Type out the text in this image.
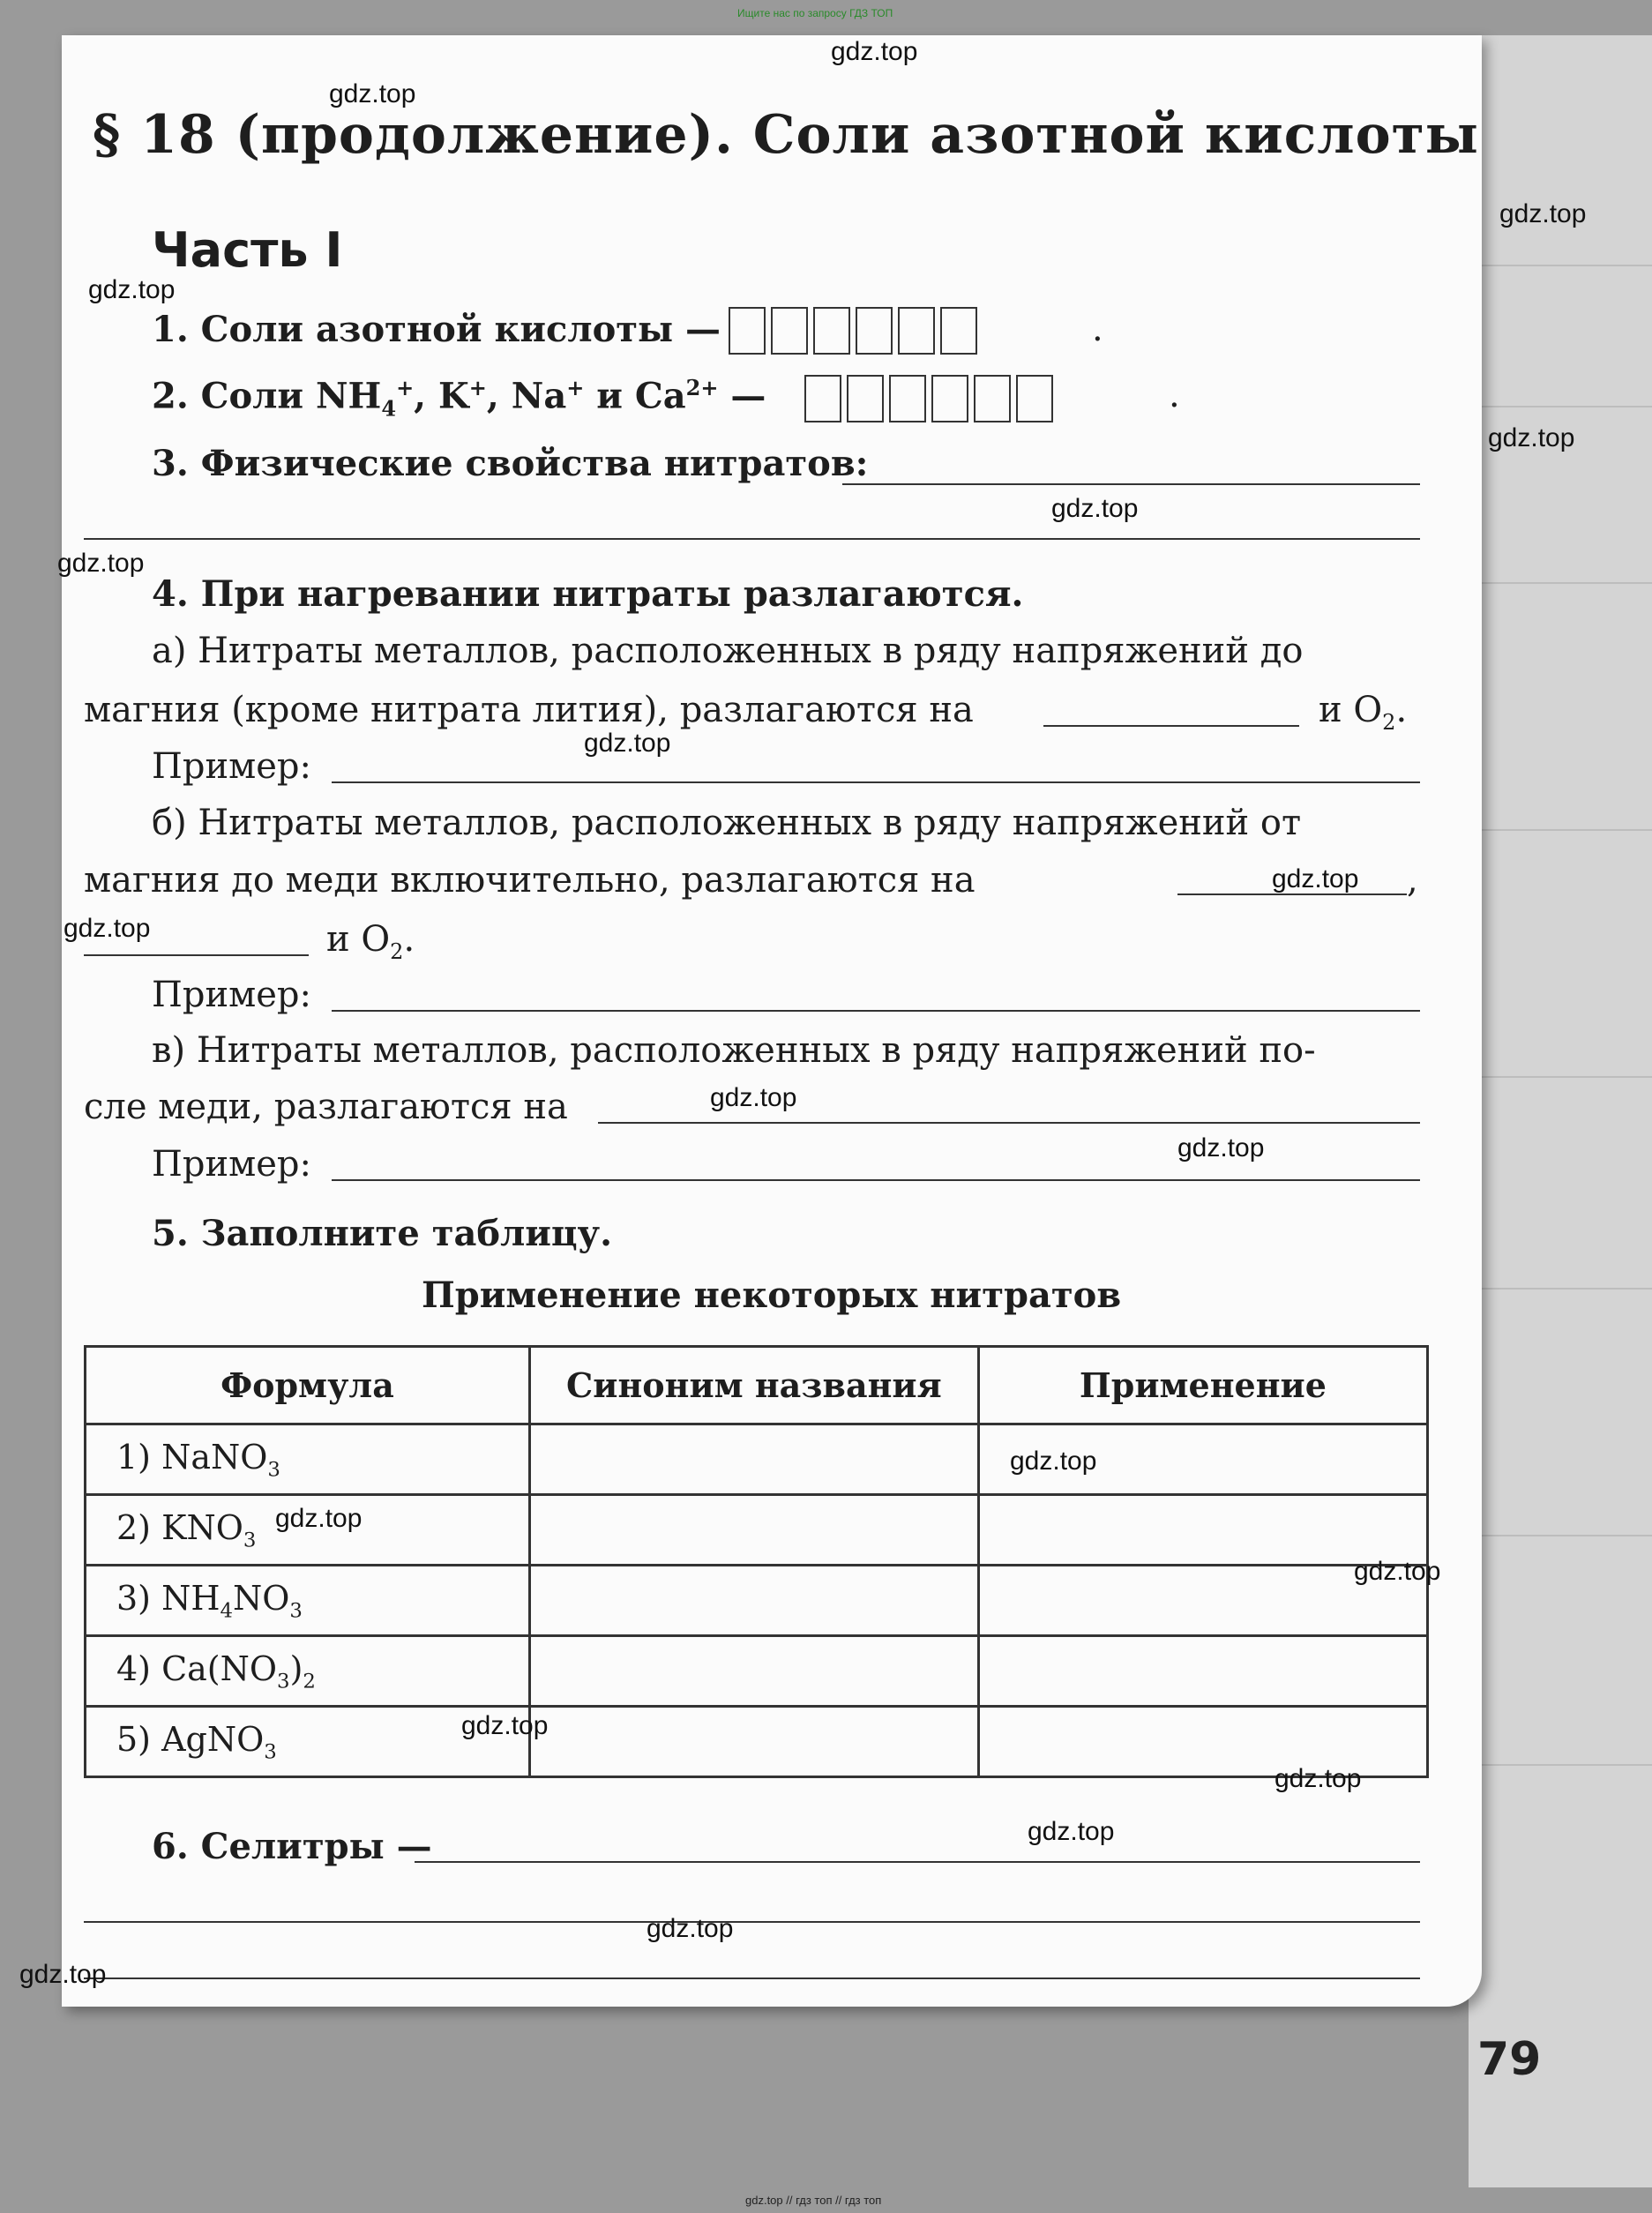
Ищите нас по запросу ГДЗ ТОП
§ 18 (продолжение). Соли азотной кислоты
Часть I
1. Соли азотной кислоты —	.
2. Соли $NH_4^+$, K+, Na+ и $Ca^{2+}$ —	.
3. Физические свойства нитратов:
4. При нагревании нитраты разлагаются.
а) Нитраты металлов, расположенных в ряду напряжений до
магния (кроме нитрата лития), разлагаются на	и $O_2$.
Пример:
б) Нитраты металлов, расположенных в ряду напряжений от
магния до меди включительно, разлагаются на	,
и $O_2$.
Пример:
в) Нитраты металлов, расположенных в ряду напряжений по-
сле меди, разлагаются на
Пример:
5. Заполните таблицу.
Применение некоторых нитратов
Формула	Синоним названия	Применение
1) NaNO$_3$		
2) $KNO_3$		
3) $NH_4NO_3$		
4) $Ca(NO_3)_2$		
5) AgNO$_3$		
6. Селитры —
79
gdz.top
gdz.top
gdz.top
gdz.top
gdz.top
gdz.top
gdz.top
gdz.top
gdz.top
gdz.top
gdz.top
gdz.top
gdz.top
gdz.top
gdz.top
gdz.top
gdz.top
gdz.top
gdz.top
gdz.top
gdz.top // гдз топ // гдз топ
